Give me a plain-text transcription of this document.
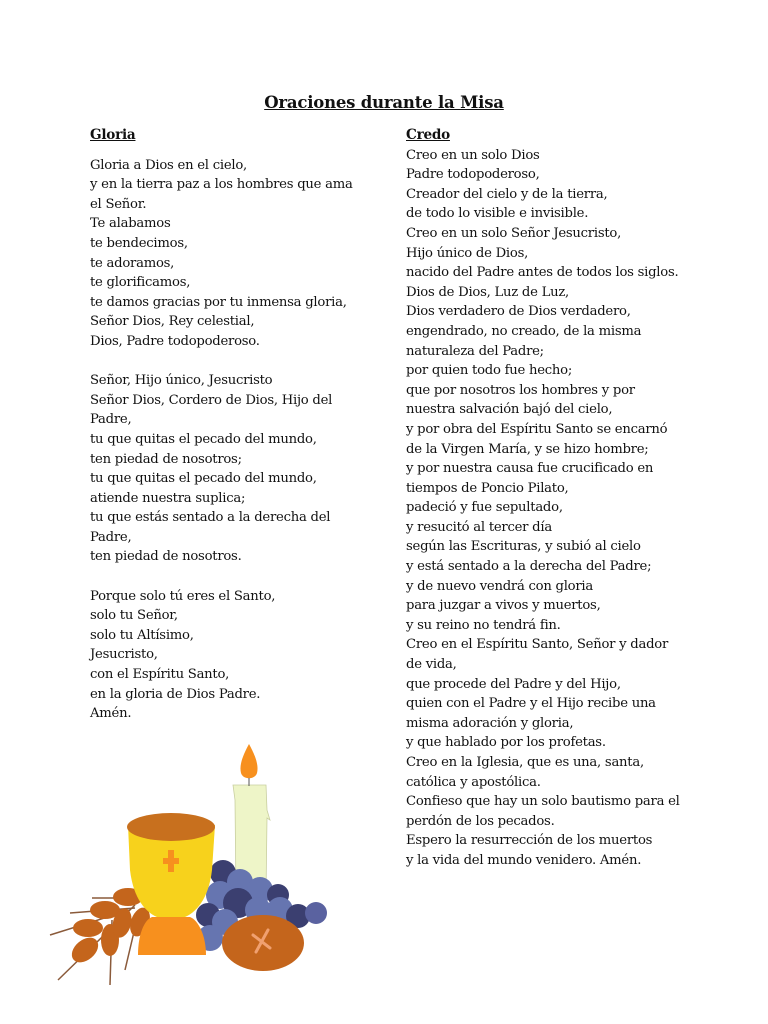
Oraciones durante la Misa
Gloria
Gloria a Dios en el cielo,
y en la tierra paz a los hombres que ama
el Señor.
Te alabamos
te bendecimos,
te adoramos,
te glorificamos,
te damos gracias por tu inmensa gloria,
Señor Dios, Rey celestial,
Dios, Padre todopoderoso.
Señor, Hijo único, Jesucristo
Señor Dios, Cordero de Dios, Hijo del
Padre,
tu que quitas el pecado del mundo,
ten piedad de nosotros;
tu que quitas el pecado del mundo,
atiende nuestra suplica;
tu que estás sentado a la derecha del
Padre,
ten piedad de nosotros.
Porque solo tú eres el Santo,
solo tu Señor,
solo tu Altísimo,
Jesucristo,
con el Espíritu Santo,
en la gloria de Dios Padre.
Amén.
Credo
Creo en un solo Dios
Padre todopoderoso,
Creador del cielo y de la tierra,
de todo lo visible e invisible.
Creo en un solo Señor Jesucristo,
Hijo único de Dios,
nacido del Padre antes de todos los siglos.
Dios de Dios, Luz de Luz,
Dios verdadero de Dios verdadero,
engendrado, no creado, de la misma
naturaleza del Padre;
por quien todo fue hecho;
que por nosotros los hombres y por
nuestra salvación bajó del cielo,
y por obra del Espíritu Santo se encarnó
de la Virgen María, y se hizo hombre;
y por nuestra causa fue crucificado en
tiempos de Poncio Pilato,
padeció y fue sepultado,
y resucitó al tercer día
según las Escrituras, y subió al cielo
y está sentado a la derecha del Padre;
y de nuevo vendrá con gloria
para juzgar a vivos y muertos,
y su reino no tendrá fin.
Creo en el Espíritu Santo, Señor y dador
de vida,
que procede del Padre y del Hijo,
quien con el Padre y el Hijo recibe una
misma adoración y gloria,
y que hablado por los profetas.
Creo en la Iglesia, que es una, santa,
católica y apostólica.
Confieso que hay un solo bautismo para el
perdón de los pecados.
Espero la resurrección de los muertos
y la vida del mundo venidero. Amén.
